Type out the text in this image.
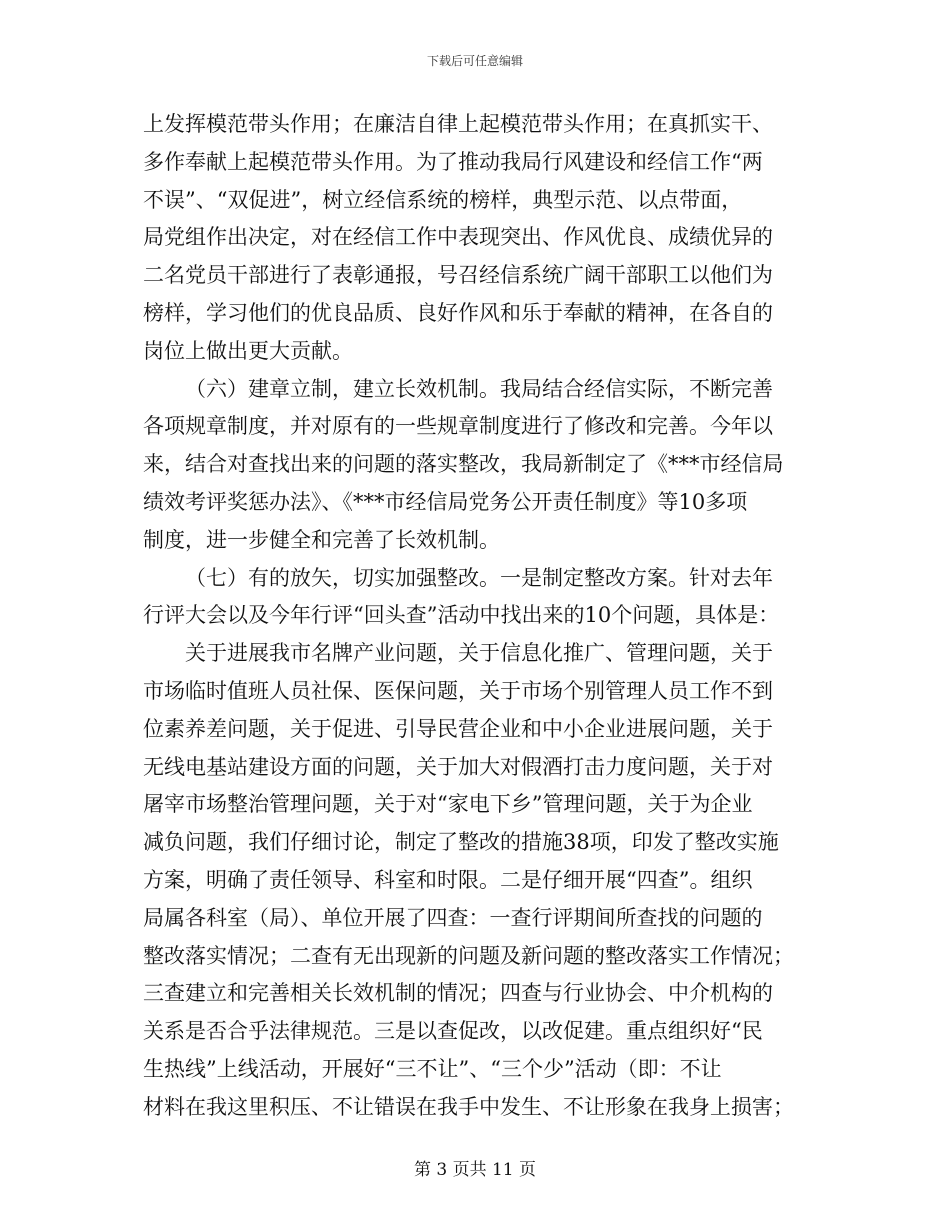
下载后可任意编辑
上发挥模范带头作用；在廉洁自律上起模范带头作用；在真抓实干、
多作奉献上起模范带头作用。为了推动我局行风建设和经信工作“两
不误”、“双促进”，树立经信系统的榜样，典型示范、以点带面，
局党组作出决定，对在经信工作中表现突出、作风优良、成绩优异的
二名党员干部进行了表彰通报，号召经信系统广阔干部职工以他们为
榜样，学习他们的优良品质、良好作风和乐于奉献的精神，在各自的
岗位上做出更大贡献。
（六）建章立制，建立长效机制。我局结合经信实际，不断完善
各项规章制度，并对原有的一些规章制度进行了修改和完善。今年以
来，结合对查找出来的问题的落实整改，我局新制定了《***市经信局
绩效考评奖惩办法》、《***市经信局党务公开责任制度》等10多项
制度，进一步健全和完善了长效机制。
（七）有的放矢，切实加强整改。一是制定整改方案。针对去年
行评大会以及今年行评“回头查”活动中找出来的10个问题，具体是：
关于进展我市名牌产业问题，关于信息化推广、管理问题，关于
市场临时值班人员社保、医保问题，关于市场个别管理人员工作不到
位素养差问题，关于促进、引导民营企业和中小企业进展问题，关于
无线电基站建设方面的问题，关于加大对假酒打击力度问题，关于对
屠宰市场整治管理问题，关于对“家电下乡”管理问题，关于为企业
减负问题，我们仔细讨论，制定了整改的措施38项，印发了整改实施
方案，明确了责任领导、科室和时限。二是仔细开展“四查”。组织
局属各科室（局）、单位开展了四查：一查行评期间所查找的问题的
整改落实情况；二查有无出现新的问题及新问题的整改落实工作情况；
三查建立和完善相关长效机制的情况；四查与行业协会、中介机构的
关系是否合乎法律规范。三是以查促改，以改促建。重点组织好“民
生热线”上线活动，开展好“三不让”、“三个少”活动（即：不让
材料在我这里积压、不让错误在我手中发生、不让形象在我身上损害；
第 3 页共 11 页
